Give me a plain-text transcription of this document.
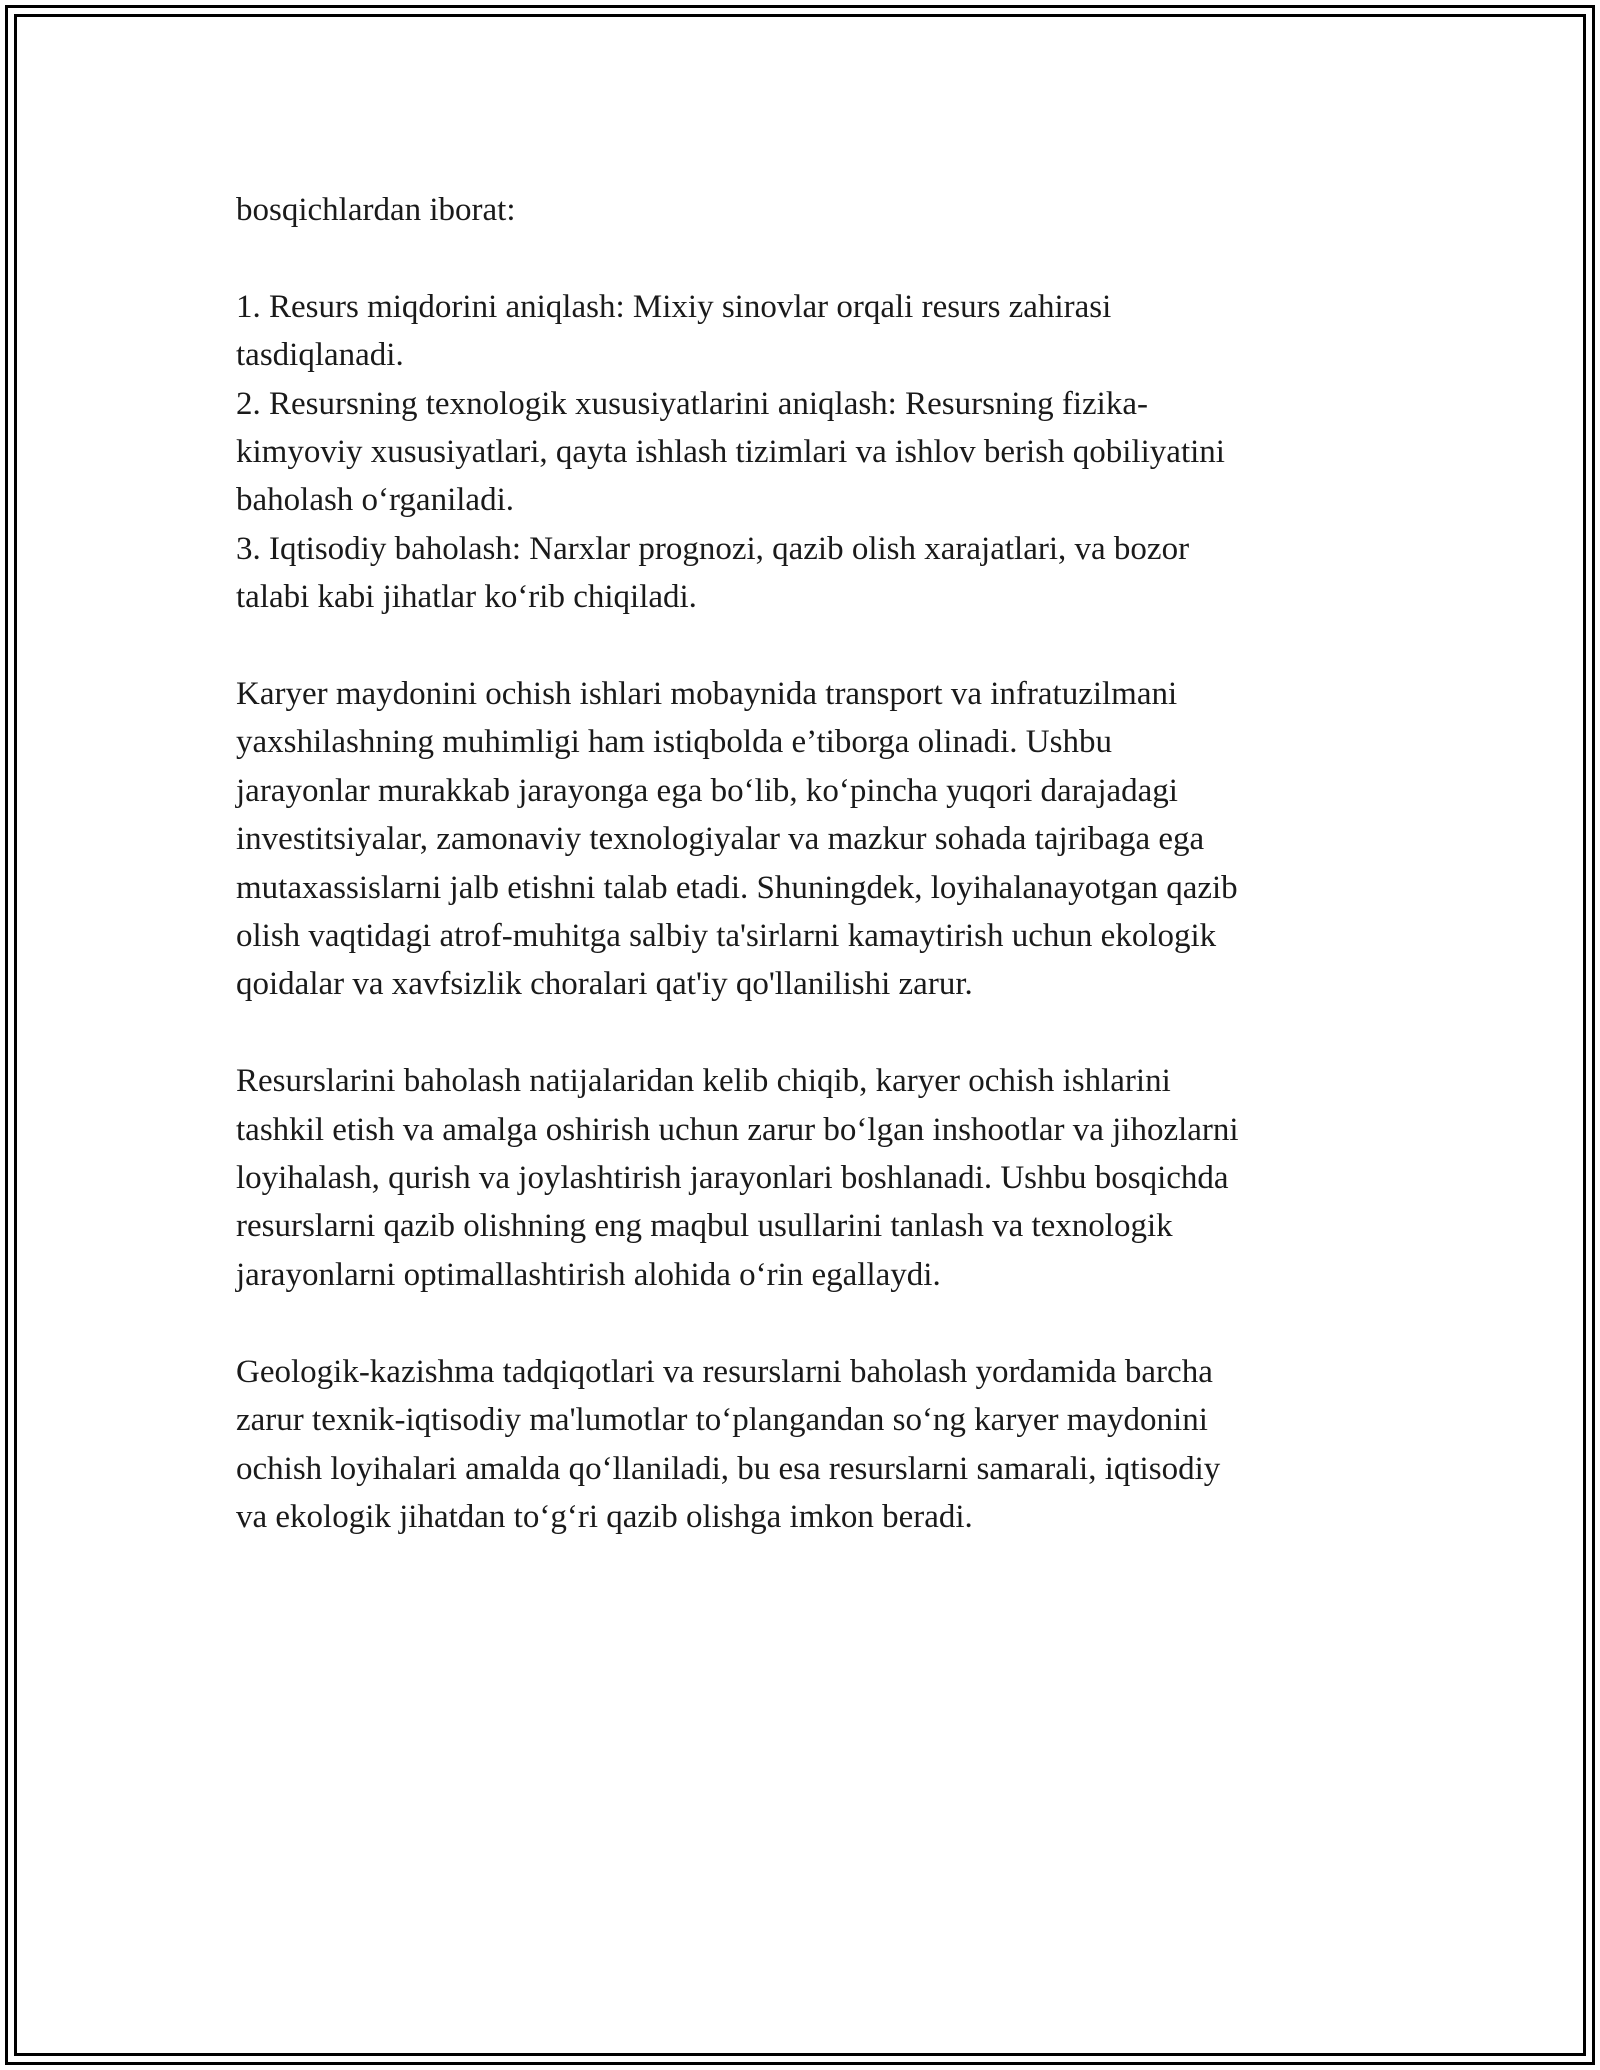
bosqichlardan iborat:

1. Resurs miqdorini aniqlash: Mixiy sinovlar orqali resurs zahirasi

tasdiqlanadi.

2. Resursning texnologik xususiyatlarini aniqlash: Resursning fizika-

kimyoviy xususiyatlari, qayta ishlash tizimlari va ishlov berish qobiliyatini

baholash o‘rganiladi.

3. Iqtisodiy baholash: Narxlar prognozi, qazib olish xarajatlari, va bozor

talabi kabi jihatlar ko‘rib chiqiladi.

Karyer maydonini ochish ishlari mobaynida transport va infratuzilmani

yaxshilashning muhimligi ham istiqbolda e’tiborga olinadi. Ushbu

jarayonlar murakkab jarayonga ega bo‘lib, ko‘pincha yuqori darajadagi

investitsiyalar, zamonaviy texnologiyalar va mazkur sohada tajribaga ega

mutaxassislarni jalb etishni talab etadi. Shuningdek, loyihalanayotgan qazib

olish vaqtidagi atrof-muhitga salbiy ta'sirlarni kamaytirish uchun ekologik

qoidalar va xavfsizlik choralari qat'iy qo'llanilishi zarur.

Resurslarini baholash natijalaridan kelib chiqib, karyer ochish ishlarini

tashkil etish va amalga oshirish uchun zarur bo‘lgan inshootlar va jihozlarni

loyihalash, qurish va joylashtirish jarayonlari boshlanadi. Ushbu bosqichda

resurslarni qazib olishning eng maqbul usullarini tanlash va texnologik

jarayonlarni optimallashtirish alohida o‘rin egallaydi.

Geologik-kazishma tadqiqotlari va resurslarni baholash yordamida barcha

zarur texnik-iqtisodiy ma'lumotlar to‘plangandan so‘ng karyer maydonini

ochish loyihalari amalda qo‘llaniladi, bu esa resurslarni samarali, iqtisodiy

va ekologik jihatdan to‘g‘ri qazib olishga imkon beradi.
